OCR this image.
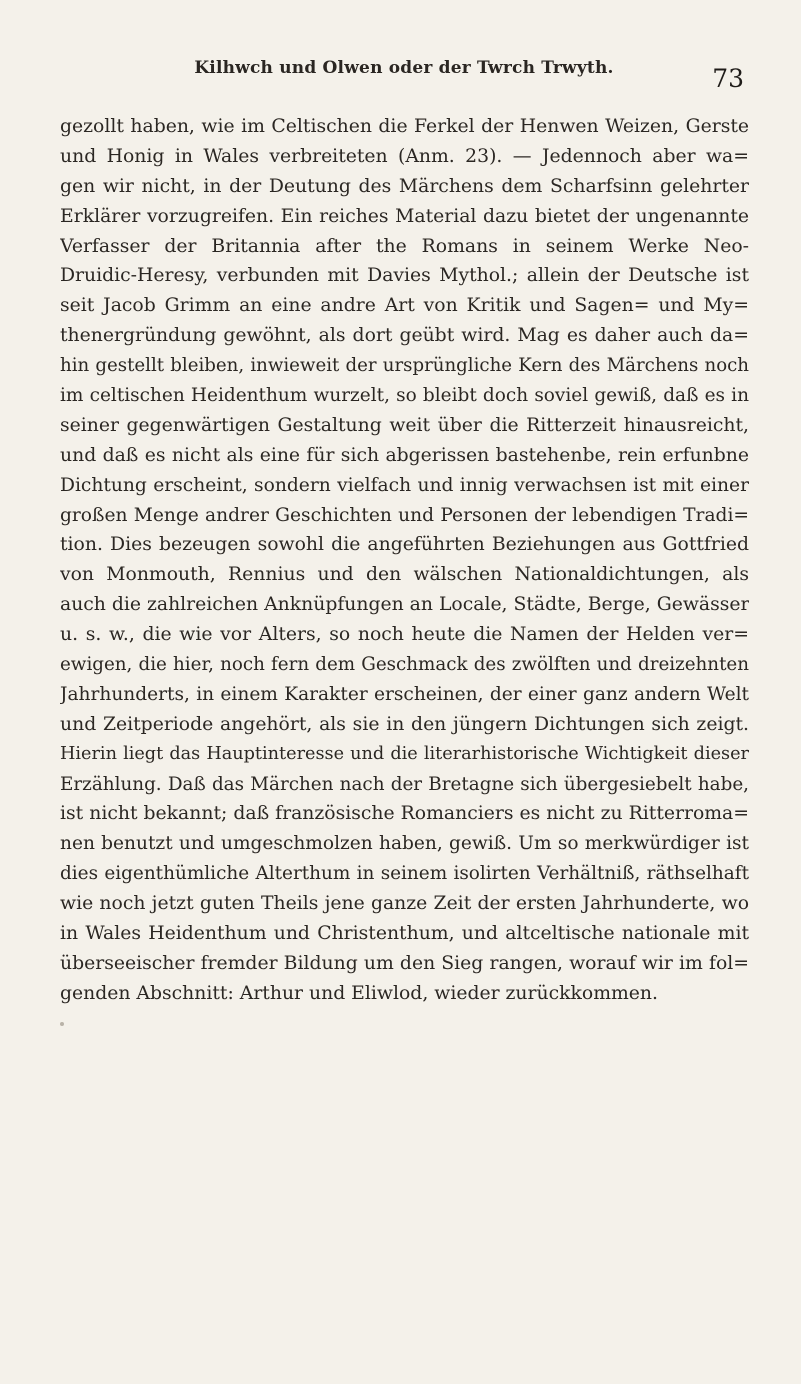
Kilhwch und Olwen oder der Twrch Trwyth.	73
gezollt haben, wie im Celtischen die Ferkel der Henwen Weizen, Gerste
und Honig in Wales verbreiteten (Anm. 23). — Jedennoch aber wa=
gen wir nicht, in der Deutung des Märchens dem Scharfsinn gelehrter
Erklärer vorzugreifen. Ein reiches Material dazu bietet der ungenannte
Verfasser der Britannia after the Romans in seinem Werke Neo-
Druidic-Heresy, verbunden mit Davies Mythol.; allein der Deutsche ist
seit Jacob Grimm an eine andre Art von Kritik und Sagen= und My=
thenergründung gewöhnt, als dort geübt wird. Mag es daher auch da=
hin gestellt bleiben, inwieweit der ursprüngliche Kern des Märchens noch
im celtischen Heidenthum wurzelt, so bleibt doch soviel gewiß, daß es in
seiner gegenwärtigen Gestaltung weit über die Ritterzeit hinausreicht,
und daß es nicht als eine für sich abgerissen bastehenbe, rein erfunbne
Dichtung erscheint, sondern vielfach und innig verwachsen ist mit einer
großen Menge andrer Geschichten und Personen der lebendigen Tradi=
tion. Dies bezeugen sowohl die angeführten Beziehungen aus Gottfried
von Monmouth, Rennius und den wälschen Nationaldichtungen, als
auch die zahlreichen Anknüpfungen an Locale, Städte, Berge, Gewässer
u. s. w., die wie vor Alters, so noch heute die Namen der Helden ver=
ewigen, die hier, noch fern dem Geschmack des zwölften und dreizehnten
Jahrhunderts, in einem Karakter erscheinen, der einer ganz andern Welt
und Zeitperiode angehört, als sie in den jüngern Dichtungen sich zeigt.
Hierin liegt das Hauptinteresse und die literarhistorische Wichtigkeit dieser
Erzählung. Daß das Märchen nach der Bretagne sich übergesiebelt habe,
ist nicht bekannt; daß französische Romanciers es nicht zu Ritterroma=
nen benutzt und umgeschmolzen haben, gewiß. Um so merkwürdiger ist
dies eigenthümliche Alterthum in seinem isolirten Verhältniß, räthselhaft
wie noch jetzt guten Theils jene ganze Zeit der ersten Jahrhunderte, wo
in Wales Heidenthum und Christenthum, und altceltische nationale mit
überseeischer fremder Bildung um den Sieg rangen, worauf wir im fol=
genden Abschnitt: Arthur und Eliwlod, wieder zurückkommen.
